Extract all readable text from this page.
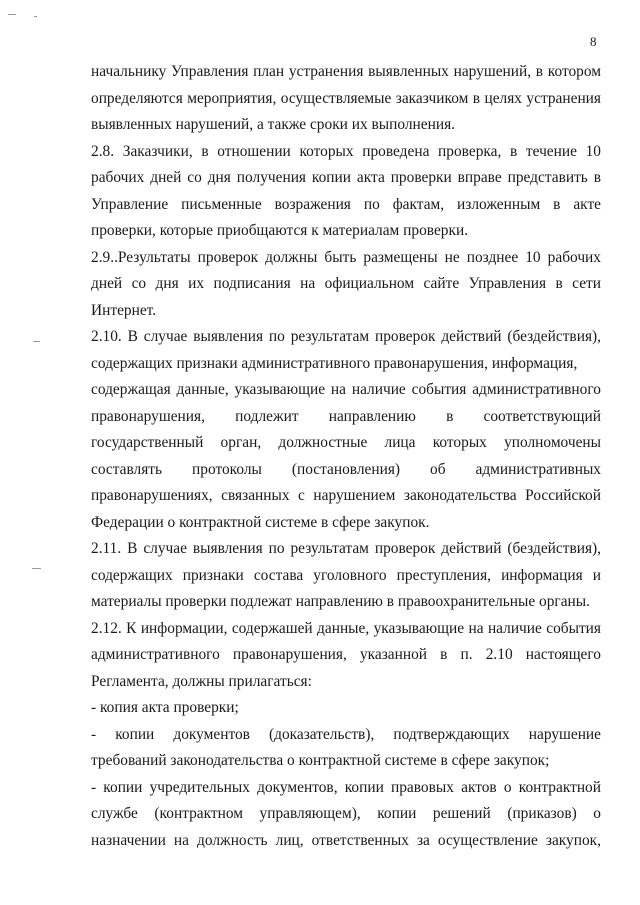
8
начальнику Управления план устранения выявленных нарушений, в котором
определяются мероприятия, осуществляемые заказчиком в целях устранения
выявленных нарушений, а также сроки их выполнения.
2.8. Заказчики, в отношении которых проведена проверка, в течение 10
рабочих дней со дня получения копии акта проверки вправе представить в
Управление письменные возражения по фактам, изложенным в акте
проверки, которые приобщаются к материалам проверки.
2.9..Результаты проверок должны быть размещены не позднее 10 рабочих
дней со дня их подписания на официальном сайте Управления в сети
Интернет.
2.10. В случае выявления по результатам проверок действий (бездействия),
содержащих признаки административного правонарушения, информация,
содержащая данные, указывающие на наличие события административного
правонарушения, подлежит направлению в соответствующий
государственный орган, должностные лица которых уполномочены
составлять протоколы (постановления) об административных
правонарушениях, связанных с нарушением законодательства Российской
Федерации о контрактной системе в сфере закупок.
2.11. В случае выявления по результатам проверок действий (бездействия),
содержащих признаки состава уголовного преступления, информация и
материалы проверки подлежат направлению в правоохранительные органы.
2.12. К информации, содержашей данные, указывающие на наличие события
административного правонарушения, указанной в п. 2.10 настоящего
Регламента, должны прилагаться:
- копия акта проверки;
- копии документов (доказательств), подтверждающих нарушение
требований законодательства о контрактной системе в сфере закупок;
- копии учредительных документов, копии правовых актов о контрактной
службе (контрактном управляющем), копии решений (приказов) о
назначении на должность лиц, ответственных за осуществление закупок,
